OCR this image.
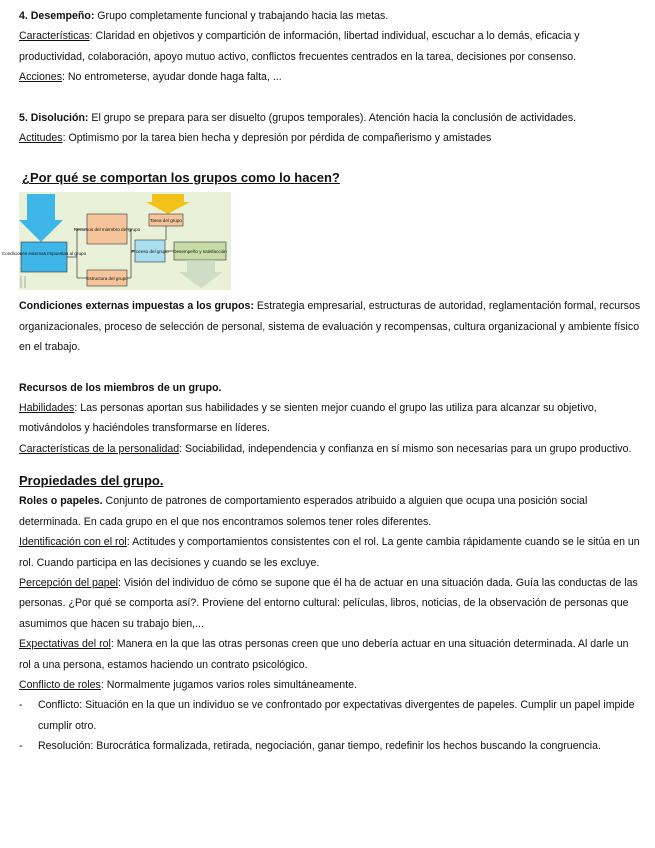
4. Desempeño: Grupo completamente funcional y trabajando hacia las metas.

Características: Claridad en objetivos y compartición de información, libertad individual, escuchar a lo demás, eficacia y productividad, colaboración, apoyo mutuo activo, conflictos frecuentes centrados en la tarea, decisiones por consenso.

Acciones: No entrometerse, ayudar donde haga falta, ...

5. Disolución: El grupo se prepara para ser disuelto (grupos temporales). Atención hacia la conclusión de actividades.

Actitudes: Optimismo por la tarea bien hecha y depresión por pérdida de compañerismo y amistades

¿Por qué se comportan los grupos como lo hacen?
Condiciones externas impuestas al grupo
Recursos del miembro del grupo
Tarea del grupo
Proceso del grupo Desempeño y satisfacción
Estructura del grupo

Condiciones externas impuestas a los grupos: Estrategia empresarial, estructuras de autoridad, reglamentación formal, recursos organizacionales, proceso de selección de personal, sistema de evaluación y recompensas, cultura organizacional y ambiente físico en el trabajo.

Recursos de los miembros de un grupo.

Habilidades: Las personas aportan sus habilidades y se sienten mejor cuando el grupo las utiliza para alcanzar su objetivo, motivándolos y haciéndoles transformarse en líderes.

Características de la personalidad: Sociabilidad, independencia y confianza en sí mismo son necesarias para un grupo productivo.

Propiedades del grupo.

Roles o papeles. Conjunto de patrones de comportamiento esperados atribuido a alguien que ocupa una posición social determinada. En cada grupo en el que nos encontramos solemos tener roles diferentes.

Identificación con el rol: Actitudes y comportamientos consistentes con el rol. La gente cambia rápidamente cuando se le sitúa en un rol. Cuando participa en las decisiones y cuando se les excluye.

Percepción del papel: Visión del individuo de cómo se supone que él ha de actuar en una situación dada. Guía las conductas de las personas. ¿Por qué se comporta así?. Proviene del entorno cultural: películas, libros, noticias, de la observación de personas que asumimos que hacen su trabajo bien,...

Expectativas del rol: Manera en la que las otras personas creen que uno debería actuar en una situación determinada. Al darle un rol a una persona, estamos haciendo un contrato psicológico.

Conflicto de roles: Normalmente jugamos varios roles simultáneamente.

- Conflicto: Situación en la que un individuo se ve confrontado por expectativas divergentes de papeles. Cumplir un papel impide cumplir otro.
- Resolución: Burocrática formalizada, retirada, negociación, ganar tiempo, redefinir los hechos buscando la congruencia.
